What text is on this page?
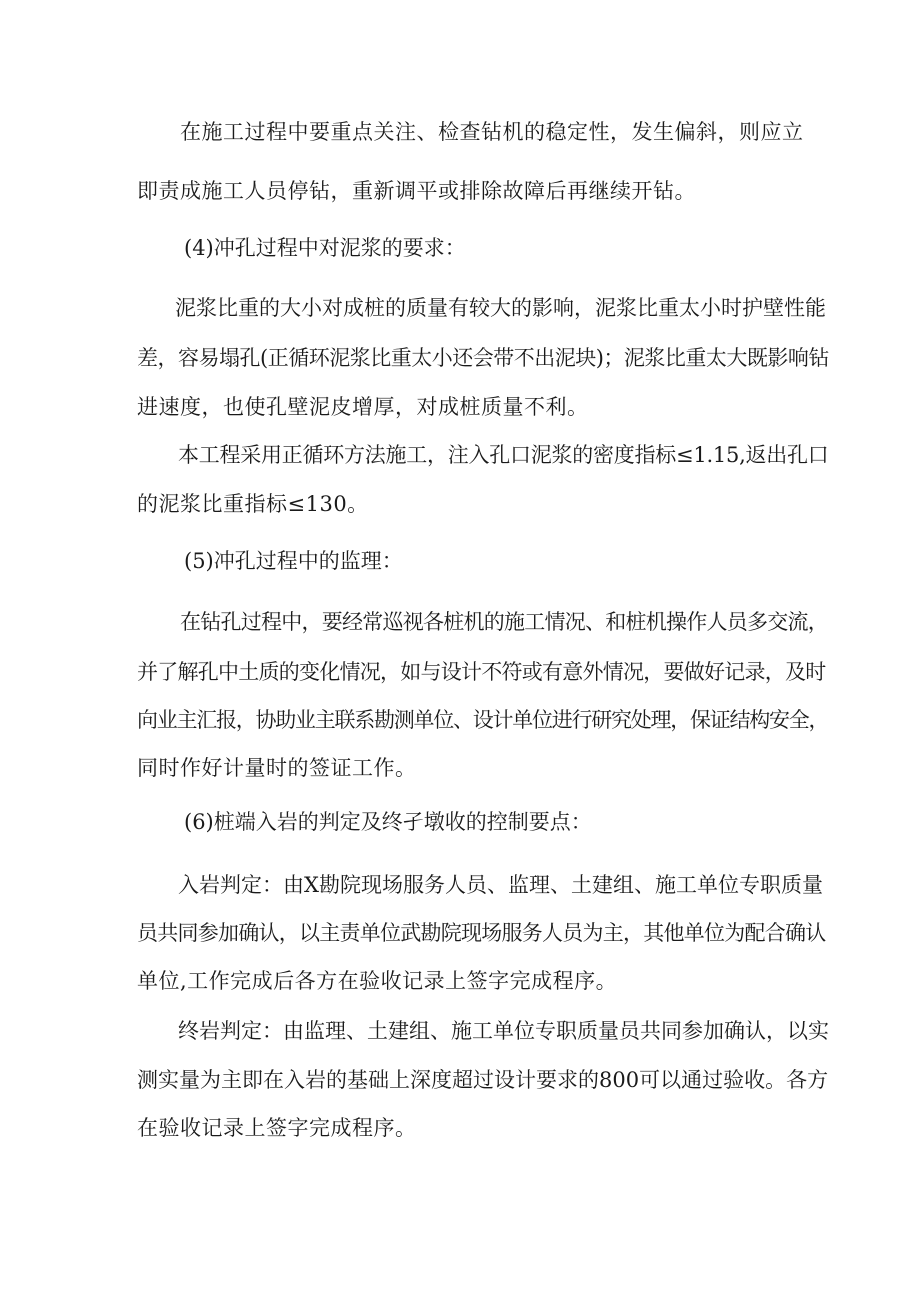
在施工过程中要重点关注、检查钻机的稳定性，发生偏斜，则应立
即责成施工人员停钻，重新调平或排除故障后再继续开钻。
(4)冲孔过程中对泥浆的要求：
泥浆比重的大小对成桩的质量有较大的影响，泥浆比重太小时护壁性能
差，容易塌孔(正循环泥浆比重太小还会带不出泥块)；泥浆比重太大既影响钻
进速度，也使孔壁泥皮增厚，对成桩质量不利。
本工程采用正循环方法施工，注入孔口泥浆的密度指标≤1.15,返出孔口
的泥浆比重指标≤130。
(5)冲孔过程中的监理：
在钻孔过程中，要经常巡视各桩机的施工情况、和桩机操作人员多交流，
并了解孔中土质的变化情况，如与设计不符或有意外情况，要做好记录，及时
向业主汇报，协助业主联系勘测单位、设计单位进行研究处理，保证结构安全，
同时作好计量时的签证工作。
(6)桩端入岩的判定及终孑墩收的控制要点：
入岩判定：由X勘院现场服务人员、监理、土建组、施工单位专职质量
员共同参加确认，以主责单位武勘院现场服务人员为主，其他单位为配合确认
单位,工作完成后各方在验收记录上签字完成程序。
终岩判定：由监理、土建组、施工单位专职质量员共同参加确认，以实
测实量为主即在入岩的基础上深度超过设计要求的800可以通过验收。各方
在验收记录上签字完成程序。
